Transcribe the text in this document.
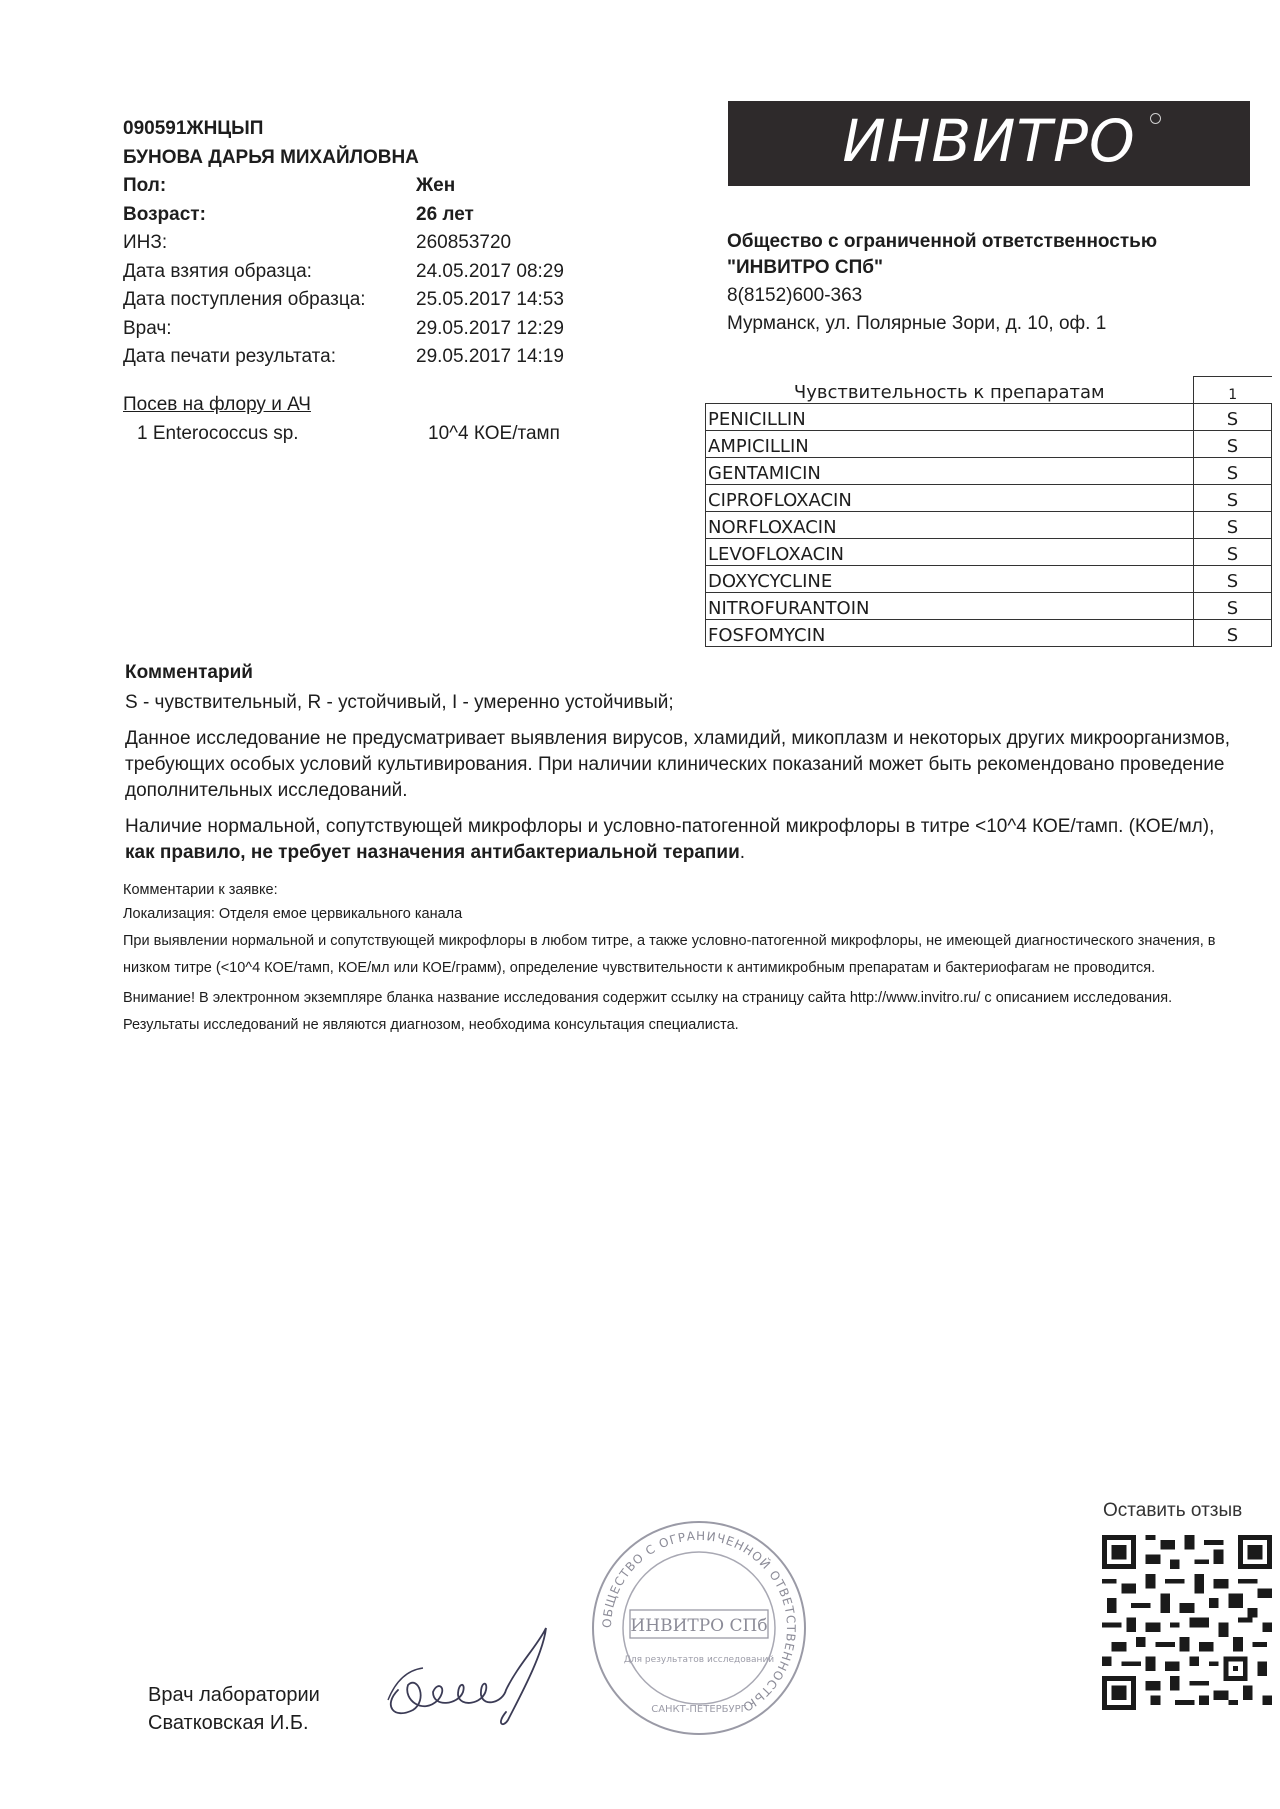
090591ЖНЦЫП
БУНОВА ДАРЬЯ МИХАЙЛОВНА
Пол:	Жен
Возраст:	26 лет
ИНЗ:	260853720
Дата взятия образца:	24.05.2017 08:29
Дата поступления образца:	25.05.2017 14:53
Врач:	29.05.2017 12:29
Дата печати результата:	29.05.2017 14:19
Посев на флору и АЧ
1 Enterococcus sp.	10^4 КОЕ/тамп
ИНВИТРО
Общество с ограниченной ответственностью
"ИНВИТРО СПб"
8(8152)600-363
Мурманск, ул. Полярные Зори, д. 10, оф. 1
Чувствительность к препаратам	1
PENICILLIN	S
AMPICILLIN	S
GENTAMICIN	S
CIPROFLOXACIN	S
NORFLOXACIN	S
LEVOFLOXACIN	S
DOXYCYCLINE	S
NITROFURANTOIN	S
FOSFOMYCIN	S
Комментарий

S - чувствительный, R - устойчивый, I - умеренно устойчивый;

Данное исследование не предусматривает выявления вирусов, хламидий, микоплазм и некоторых других микроорганизмов, требующих особых условий культивирования. При наличии клинических показаний может быть рекомендовано проведение дополнительных исследований.

Наличие нормальной, сопутствующей микрофлоры и условно-патогенной микрофлоры в титре <10^4 КОЕ/тамп. (КОЕ/мл), как правило, не требует назначения антибактериальной терапии.

Комментарии к заявке:

Локализация: Отделя емое цервикального канала

При выявлении нормальной и сопутствующей микрофлоры в любом титре, а также условно-патогенной микрофлоры, не имеющей диагностического значения, в низком титре (<10^4 КОЕ/тамп, КОЕ/мл или КОЕ/грамм), определение чувствительности к антимикробным препаратам и бактериофагам не проводится.

Внимание! В электронном экземпляре бланка название исследования содержит ссылку на страницу сайта http://www.invitro.ru/ с описанием исследования.

Результаты исследований не являются диагнозом, необходима консультация специалиста.

Врач лаборатории
Сватковская И.Б.
ОБЩЕСТВО С ОГРАНИЧЕННОЙ ОТВЕТСТВЕННОСТЬЮ
ИНВИТРО СПб
Для результатов исследований
САНКТ-ПЕТЕРБУРГ
Оставить отзыв
